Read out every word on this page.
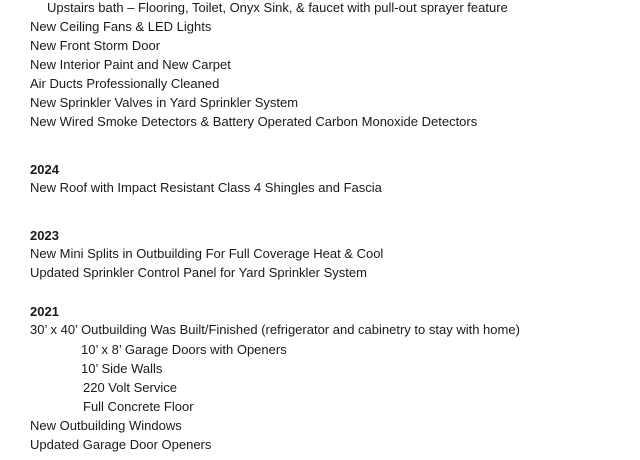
Upstairs bath – Flooring, Toilet, Onyx Sink, & faucet with pull-out sprayer feature
New Ceiling Fans & LED Lights
New Front Storm Door
New Interior Paint and New Carpet
Air Ducts Professionally Cleaned
New Sprinkler Valves in Yard Sprinkler System
New Wired Smoke Detectors & Battery Operated Carbon Monoxide Detectors
2024
New Roof with Impact Resistant Class 4 Shingles and Fascia
2023
New Mini Splits in Outbuilding For Full Coverage Heat & Cool
Updated Sprinkler Control Panel for Yard Sprinkler System
2021
30’ x 40’ Outbuilding Was Built/Finished (refrigerator and cabinetry to stay with home)
10’ x 8’ Garage Doors with Openers
10’ Side Walls
220 Volt Service
Full Concrete Floor
New Outbuilding Windows
Updated Garage Door Openers
